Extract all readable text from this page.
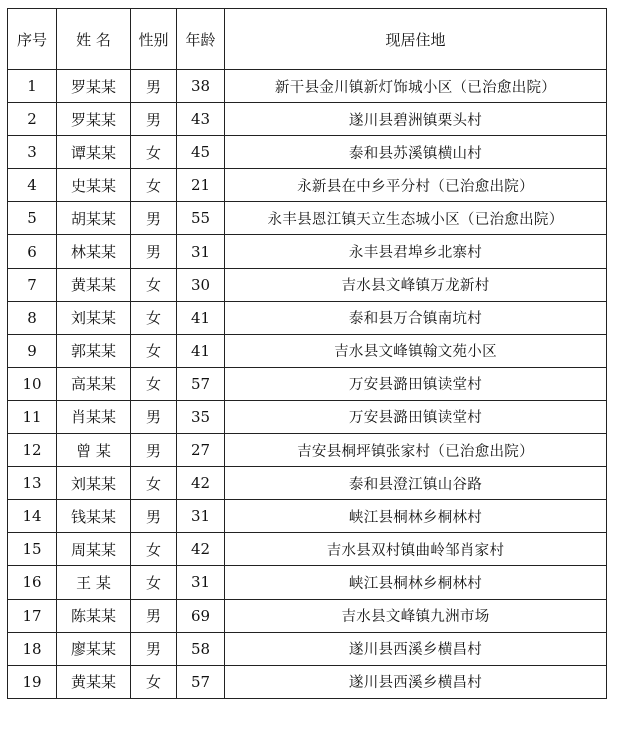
序号	姓 名	性别	年龄	现居住地
1	罗某某	男	38	新干县金川镇新灯饰城小区（已治愈出院）
2	罗某某	男	43	遂川县碧洲镇栗头村
3	谭某某	女	45	泰和县苏溪镇横山村
4	史某某	女	21	永新县在中乡平分村（已治愈出院）
5	胡某某	男	55	永丰县恩江镇天立生态城小区（已治愈出院）
6	林某某	男	31	永丰县君埠乡北寨村
7	黄某某	女	30	吉水县文峰镇万龙新村
8	刘某某	女	41	泰和县万合镇南坑村
9	郭某某	女	41	吉水县文峰镇翰文苑小区
10	高某某	女	57	万安县潞田镇读堂村
11	肖某某	男	35	万安县潞田镇读堂村
12	曾 某	男	27	吉安县桐坪镇张家村（已治愈出院）
13	刘某某	女	42	泰和县澄江镇山谷路
14	钱某某	男	31	峡江县桐林乡桐林村
15	周某某	女	42	吉水县双村镇曲岭邹肖家村
16	王 某	女	31	峡江县桐林乡桐林村
17	陈某某	男	69	吉水县文峰镇九洲市场
18	廖某某	男	58	遂川县西溪乡横昌村
19	黄某某	女	57	遂川县西溪乡横昌村
